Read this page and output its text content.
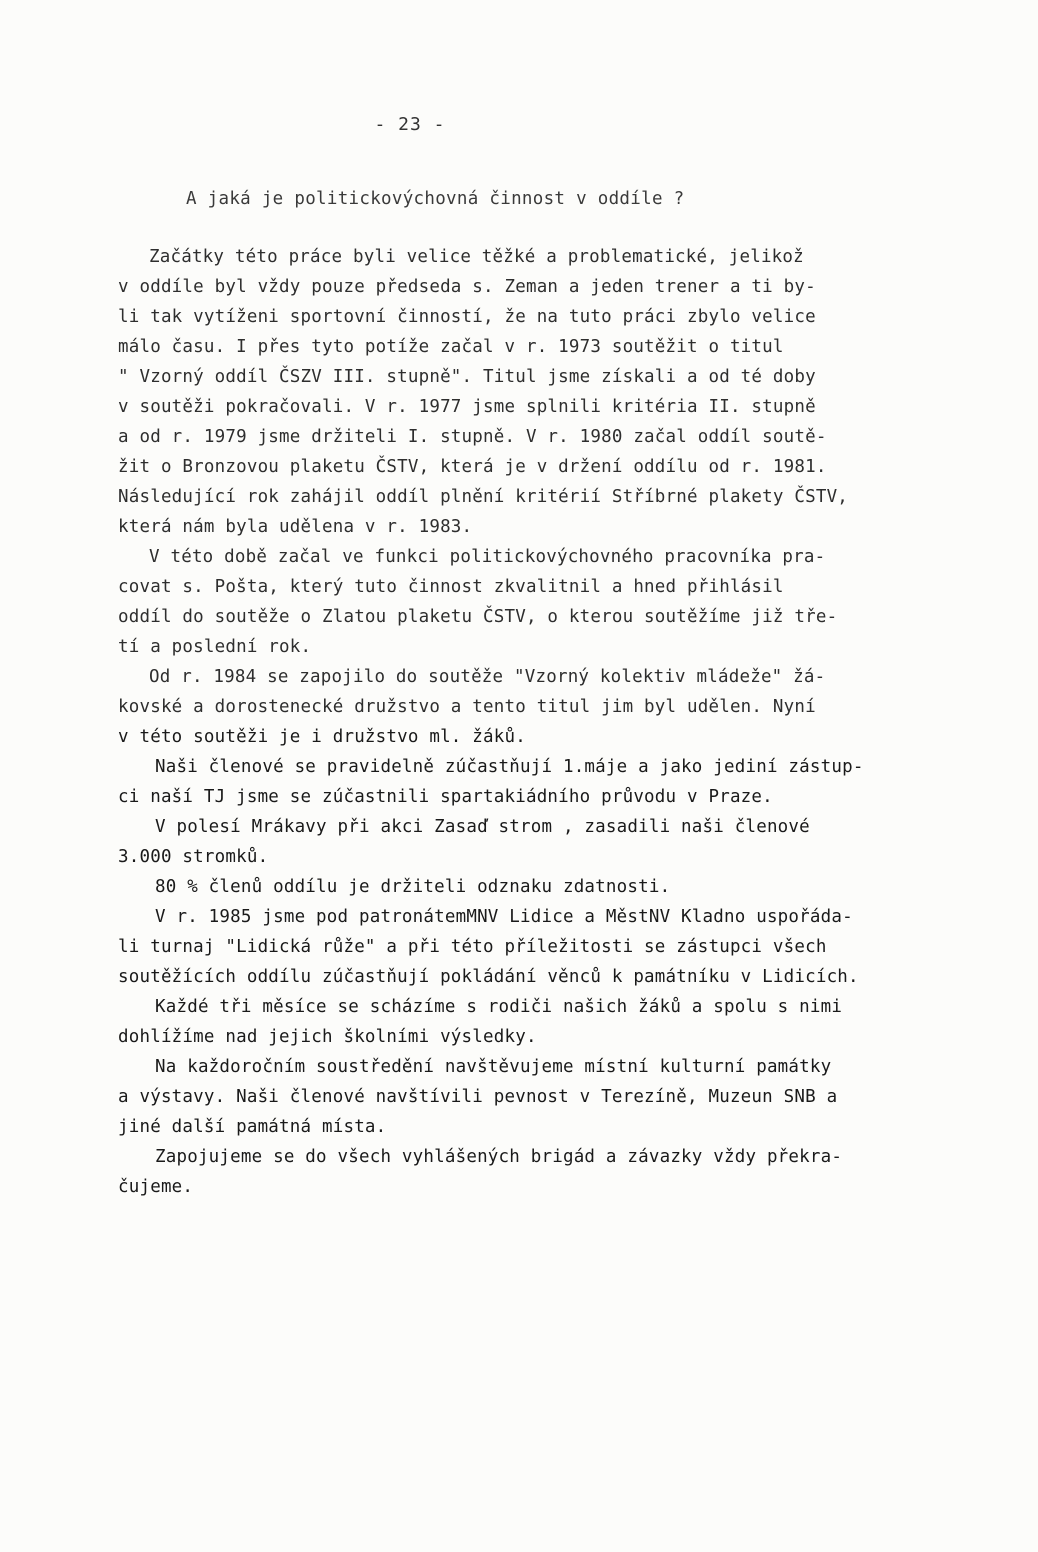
- 23 -
A jaká je politickovýchovná činnost v oddíle ?
Začátky této práce byli velice těžké a problematické, jelikož
v oddíle byl vždy pouze předseda s. Zeman a jeden trener a ti by-
li tak vytíženi sportovní činností, že na tuto práci zbylo velice
málo času. I přes tyto potíže začal v r. 1973 soutěžit o titul
" Vzorný oddíl ČSZV III. stupně". Titul jsme získali a od té doby
v soutěži pokračovali. V r. 1977 jsme splnili kritéria II. stupně
a od r. 1979 jsme držiteli I. stupně. V r. 1980 začal oddíl soutě-
žit o Bronzovou plaketu ČSTV, která je v držení oddílu od r. 1981.
Následující rok zahájil oddíl plnění kritérií Stříbrné plakety ČSTV,
která nám byla udělena v r. 1983.
V této době začal ve funkci politickovýchovného pracovníka pra-
covat s. Pošta, který tuto činnost zkvalitnil a hned přihlásil
oddíl do soutěže o Zlatou plaketu ČSTV, o kterou soutěžíme již tře-
tí a poslední rok.
Od r. 1984 se zapojilo do soutěže "Vzorný kolektiv mládeže" žá-
kovské a dorostenecké družstvo a tento titul jim byl udělen. Nyní
v této soutěži je i družstvo ml. žáků.
Naši členové se pravidelně zúčastňují 1.máje a jako jediní zástup-
ci naší TJ jsme se zúčastnili spartakiádního průvodu v Praze.
V polesí Mrákavy při akci Zasaď strom , zasadili naši členové
3.000 stromků.
80 % členů oddílu je držiteli odznaku zdatnosti.
V r. 1985 jsme pod patronátemMNV Lidice a MěstNV Kladno uspořáda-
li turnaj "Lidická růže" a při této příležitosti se zástupci všech
soutěžících oddílu zúčastňují pokládání věnců k památníku v Lidicích.
Každé tři měsíce se scházíme s rodiči našich žáků a spolu s nimi
dohlížíme nad jejich školními výsledky.
Na každoročním soustředění navštěvujeme místní kulturní památky
a výstavy. Naši členové navštívili pevnost v Terezíně, Muzeun SNB a
jiné další památná místa.
Zapojujeme se do všech vyhlášených brigád a závazky vždy překra-
čujeme.
